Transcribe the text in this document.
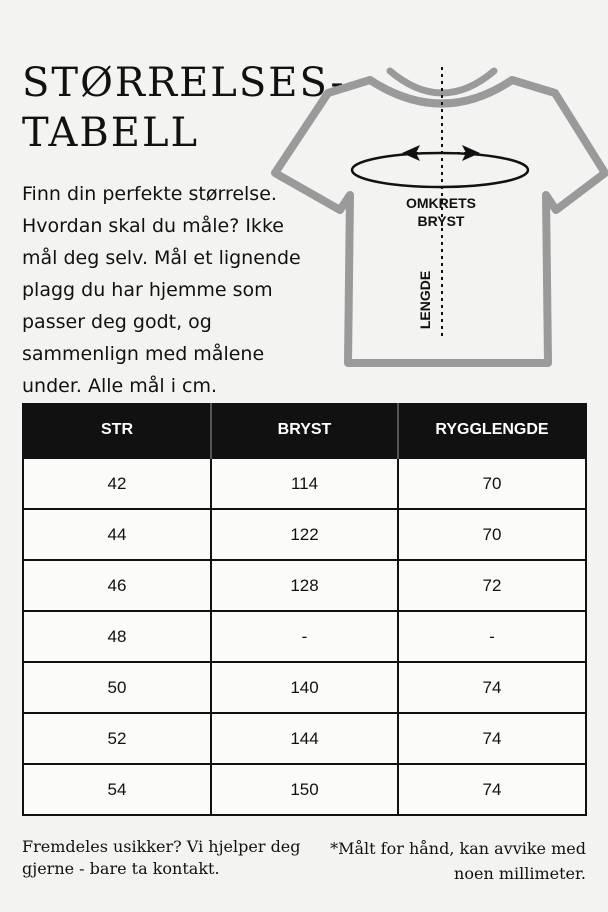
STØRRELSES-
TABELL

Finn din perfekte størrelse. Hvordan skal du måle? Ikke mål deg selv. Mål et lignende plagg du har hjemme som passer deg godt, og sammenlign med målene under. Alle mål i cm.

OMKRETS
BRYST
LENGDE
STR	BRYST	RYGGLENGDE
42	114	70
44	122	70
46	128	72
48	-	-
50	140	74
52	144	74
54	150	74

Fremdeles usikker? Vi hjelper deg gjerne - bare ta kontakt.

*Målt for hånd, kan avvike med noen millimeter.
